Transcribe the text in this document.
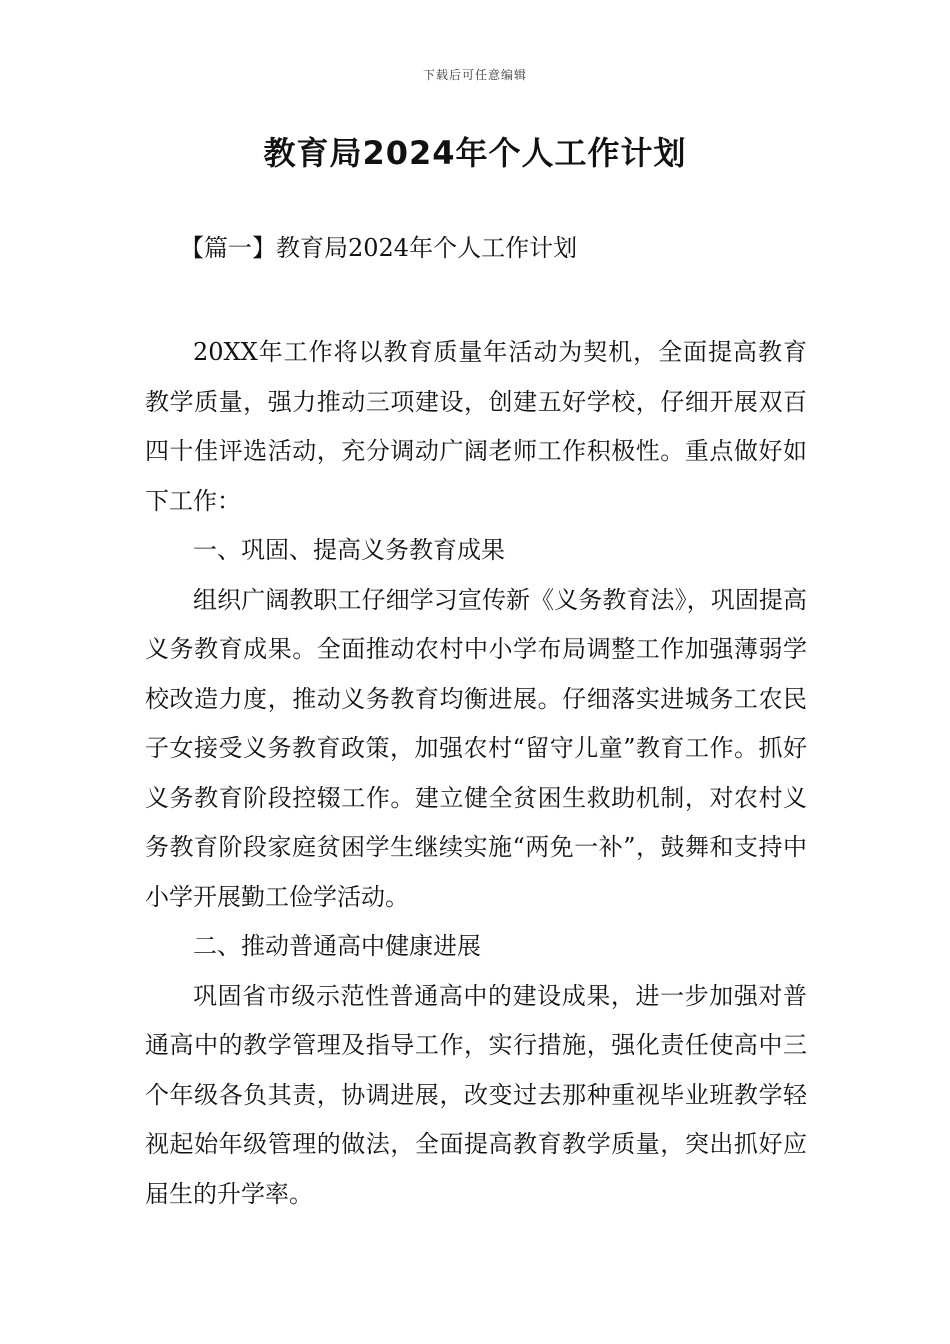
下载后可任意编辑
教育局2024年个人工作计划
【篇一】教育局2024年个人工作计划

20XX年工作将以教育质量年活动为契机，全面提高教育教学质量，强力推动三项建设，创建五好学校，仔细开展双百四十佳评选活动，充分调动广阔老师工作积极性。重点做好如下工作：

一、巩固、提高义务教育成果

组织广阔教职工仔细学习宣传新《义务教育法》，巩固提高义务教育成果。全面推动农村中小学布局调整工作加强薄弱学校改造力度，推动义务教育均衡进展。仔细落实进城务工农民子女接受义务教育政策，加强农村“留守儿童”教育工作。抓好义务教育阶段控辍工作。建立健全贫困生救助机制，对农村义务教育阶段家庭贫困学生继续实施“两免一补”，鼓舞和支持中小学开展勤工俭学活动。

二、推动普通高中健康进展

巩固省市级示范性普通高中的建设成果，进一步加强对普通高中的教学管理及指导工作，实行措施，强化责任使高中三个年级各负其责，协调进展，改变过去那种重视毕业班教学轻视起始年级管理的做法，全面提高教育教学质量，突出抓好应届生的升学率。
